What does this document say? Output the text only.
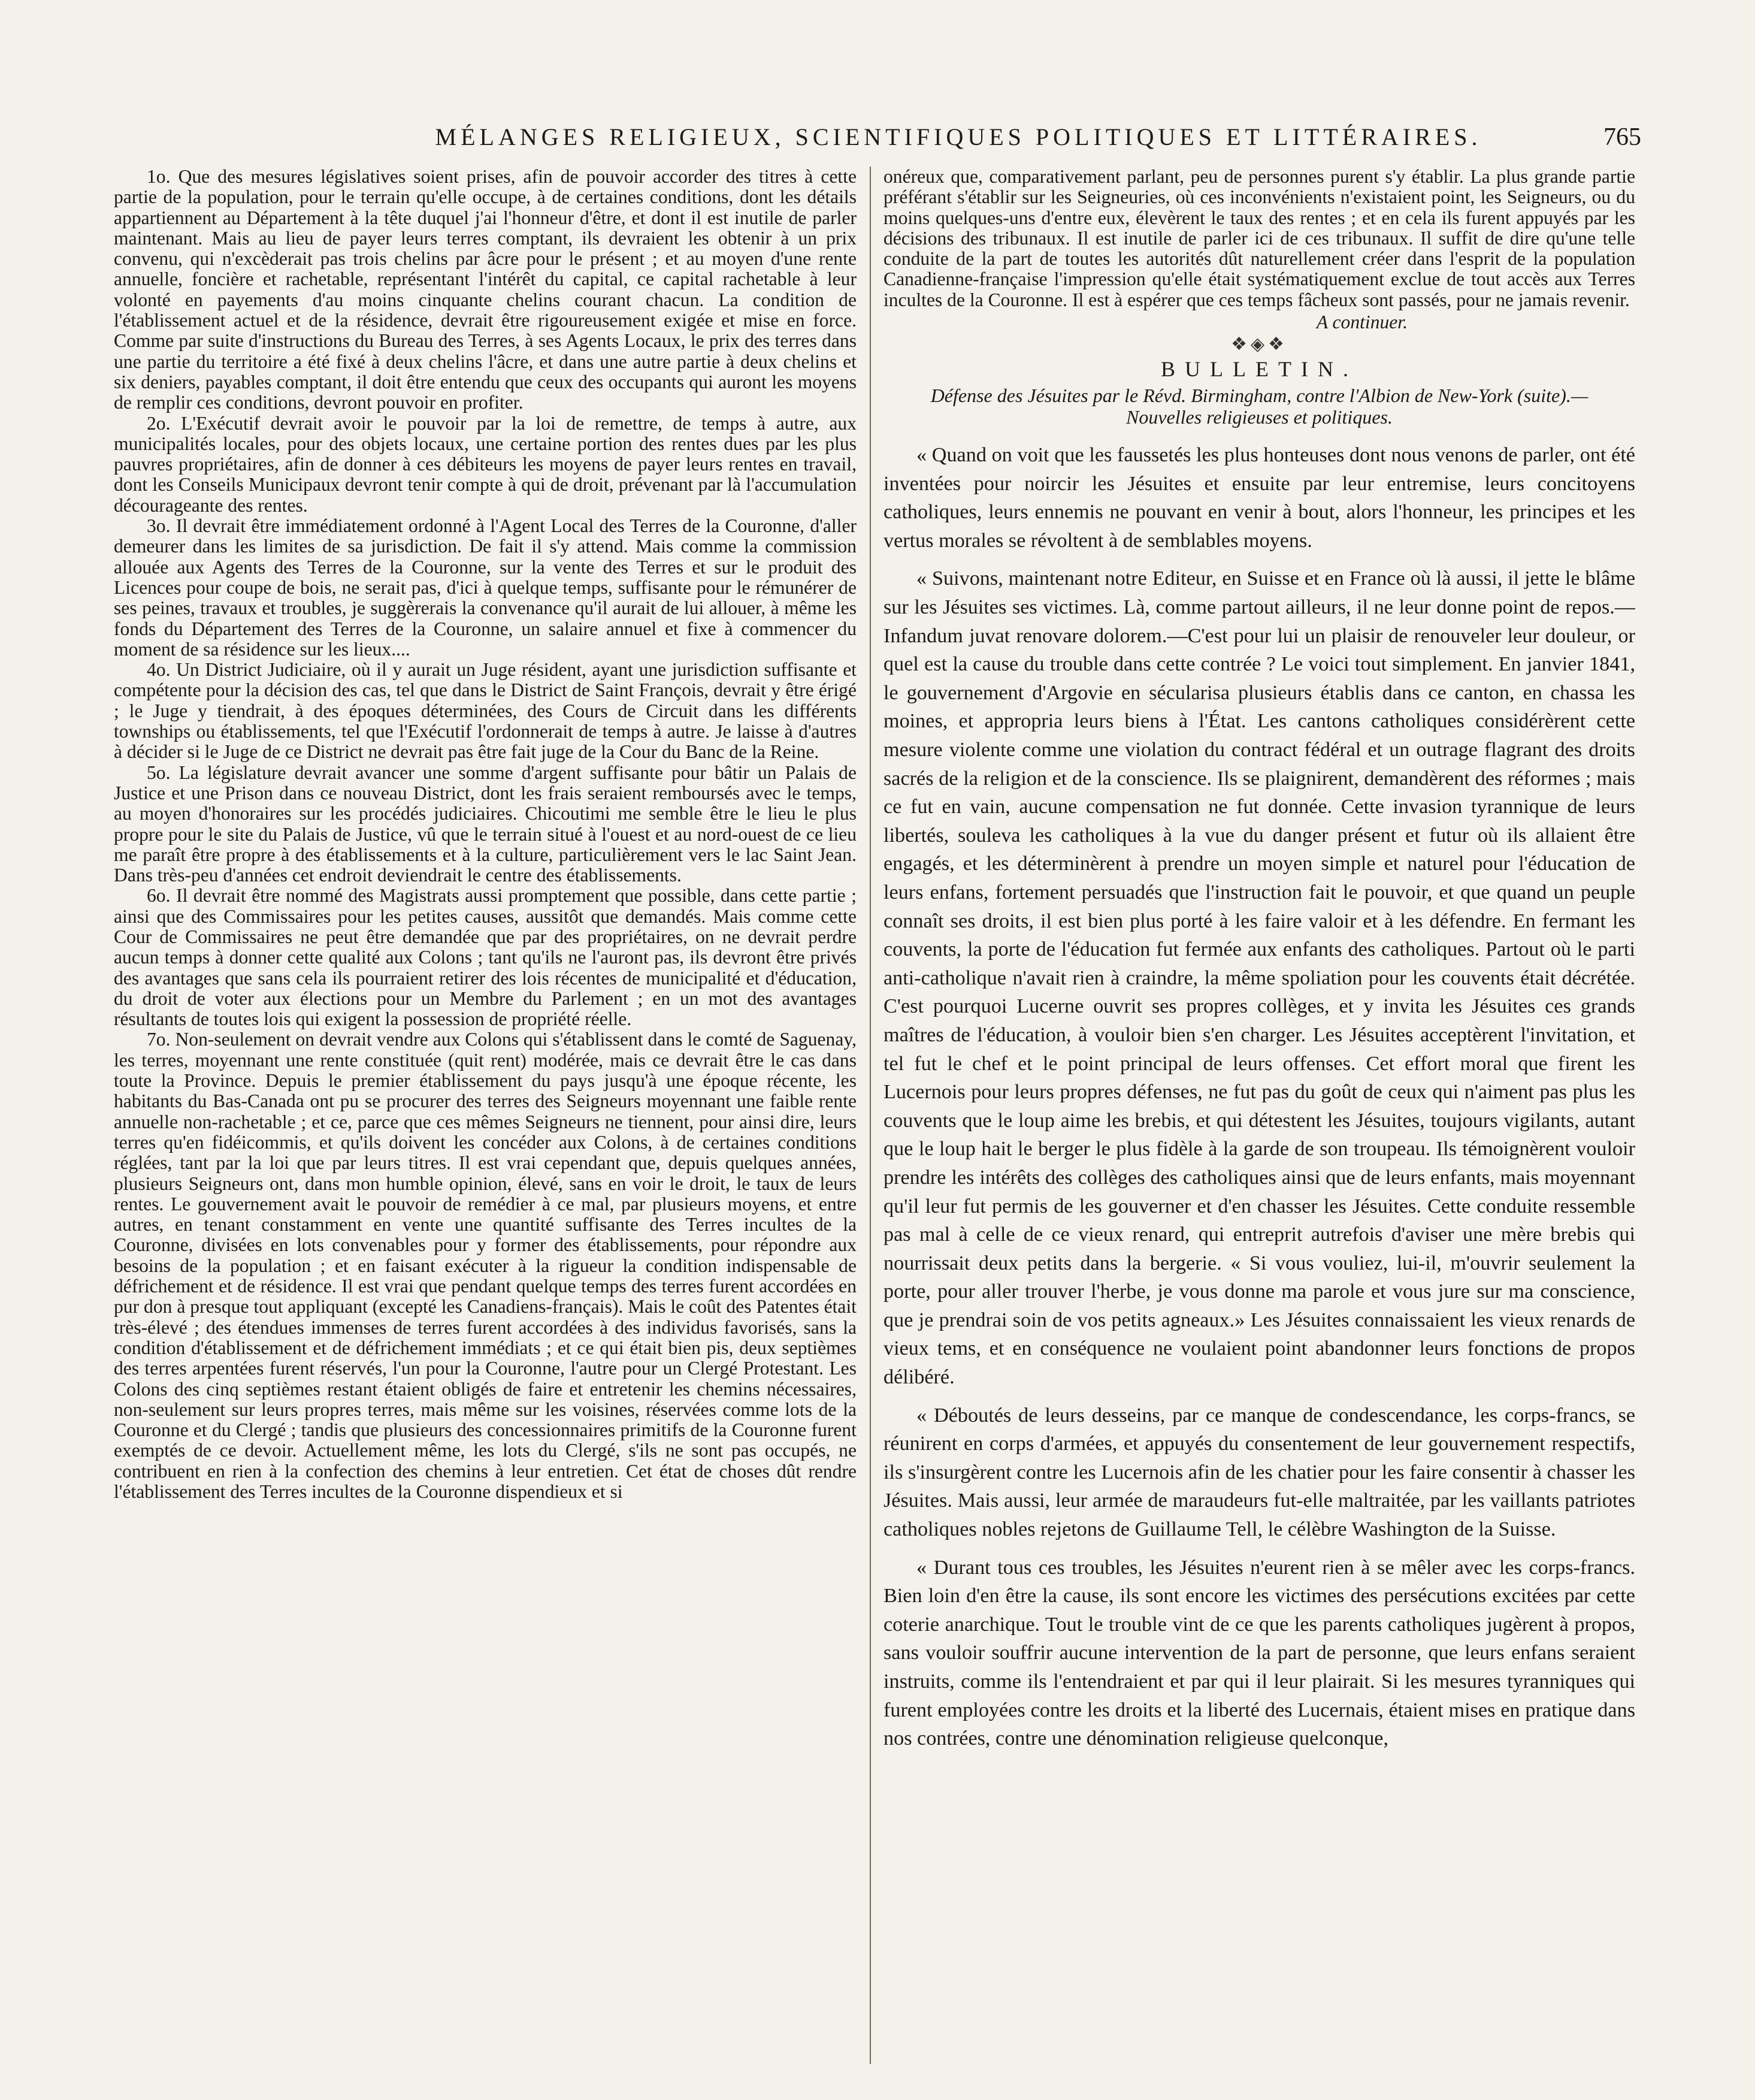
MÉLANGES RELIGIEUX, SCIENTIFIQUES POLITIQUES ET LITTÉRAIRES.	765

1o. Que des mesures législatives soient prises, afin de pouvoir accorder des titres à cette partie de la population, pour le terrain qu'elle occupe, à de certaines conditions, dont les détails appartiennent au Département à la tête duquel j'ai l'honneur d'être, et dont il est inutile de parler maintenant. Mais au lieu de payer leurs terres comptant, ils devraient les obtenir à un prix convenu, qui n'excèderait pas trois chelins par âcre pour le présent ; et au moyen d'une rente annuelle, foncière et rachetable, représentant l'intérêt du capital, ce capital rachetable à leur volonté en payements d'au moins cinquante chelins courant chacun. La condition de l'établissement actuel et de la résidence, devrait être rigoureusement exigée et mise en force. Comme par suite d'instructions du Bureau des Terres, à ses Agents Locaux, le prix des terres dans une partie du territoire a été fixé à deux chelins l'âcre, et dans une autre partie à deux chelins et six deniers, payables comptant, il doit être entendu que ceux des occupants qui auront les moyens de remplir ces conditions, devront pouvoir en profiter.

2o. L'Exécutif devrait avoir le pouvoir par la loi de remettre, de temps à autre, aux municipalités locales, pour des objets locaux, une certaine portion des rentes dues par les plus pauvres propriétaires, afin de donner à ces débiteurs les moyens de payer leurs rentes en travail, dont les Conseils Municipaux devront tenir compte à qui de droit, prévenant par là l'accumulation décourageante des rentes.

3o. Il devrait être immédiatement ordonné à l'Agent Local des Terres de la Couronne, d'aller demeurer dans les limites de sa jurisdiction. De fait il s'y attend. Mais comme la commission allouée aux Agents des Terres de la Couronne, sur la vente des Terres et sur le produit des Licences pour coupe de bois, ne serait pas, d'ici à quelque temps, suffisante pour le rémunérer de ses peines, travaux et troubles, je suggèrerais la convenance qu'il aurait de lui allouer, à même les fonds du Département des Terres de la Couronne, un salaire annuel et fixe à commencer du moment de sa résidence sur les lieux....

4o. Un District Judiciaire, où il y aurait un Juge résident, ayant une jurisdiction suffisante et compétente pour la décision des cas, tel que dans le District de Saint François, devrait y être érigé ; le Juge y tiendrait, à des époques déterminées, des Cours de Circuit dans les différents townships ou établissements, tel que l'Exécutif l'ordonnerait de temps à autre. Je laisse à d'autres à décider si le Juge de ce District ne devrait pas être fait juge de la Cour du Banc de la Reine.

5o. La législature devrait avancer une somme d'argent suffisante pour bâtir un Palais de Justice et une Prison dans ce nouveau District, dont les frais seraient remboursés avec le temps, au moyen d'honoraires sur les procédés judiciaires. Chicoutimi me semble être le lieu le plus propre pour le site du Palais de Justice, vû que le terrain situé à l'ouest et au nord-ouest de ce lieu me paraît être propre à des établissements et à la culture, particulièrement vers le lac Saint Jean. Dans très-peu d'années cet endroit deviendrait le centre des établissements.

6o. Il devrait être nommé des Magistrats aussi promptement que possible, dans cette partie ; ainsi que des Commissaires pour les petites causes, aussitôt que demandés. Mais comme cette Cour de Commissaires ne peut être demandée que par des propriétaires, on ne devrait perdre aucun temps à donner cette qualité aux Colons ; tant qu'ils ne l'auront pas, ils devront être privés des avantages que sans cela ils pourraient retirer des lois récentes de municipalité et d'éducation, du droit de voter aux élections pour un Membre du Parlement ; en un mot des avantages résultants de toutes lois qui exigent la possession de propriété réelle.

7o. Non-seulement on devrait vendre aux Colons qui s'établissent dans le comté de Saguenay, les terres, moyennant une rente constituée (quit rent) modérée, mais ce devrait être le cas dans toute la Province. Depuis le premier établissement du pays jusqu'à une époque récente, les habitants du Bas-Canada ont pu se procurer des terres des Seigneurs moyennant une faible rente annuelle non-rachetable ; et ce, parce que ces mêmes Seigneurs ne tiennent, pour ainsi dire, leurs terres qu'en fidéicommis, et qu'ils doivent les concéder aux Colons, à de certaines conditions réglées, tant par la loi que par leurs titres. Il est vrai cependant que, depuis quelques années, plusieurs Seigneurs ont, dans mon humble opinion, élevé, sans en voir le droit, le taux de leurs rentes. Le gouvernement avait le pouvoir de remédier à ce mal, par plusieurs moyens, et entre autres, en tenant constamment en vente une quantité suffisante des Terres incultes de la Couronne, divisées en lots convenables pour y former des établissements, pour répondre aux besoins de la population ; et en faisant exécuter à la rigueur la condition indispensable de défrichement et de résidence. Il est vrai que pendant quelque temps des terres furent accordées en pur don à presque tout appliquant (excepté les Canadiens-français). Mais le coût des Patentes était très-élevé ; des étendues immenses de terres furent accordées à des individus favorisés, sans la condition d'établissement et de défrichement immédiats ; et ce qui était bien pis, deux septièmes des terres arpentées furent réservés, l'un pour la Couronne, l'autre pour un Clergé Protestant. Les Colons des cinq septièmes restant étaient obligés de faire et entretenir les chemins nécessaires, non-seulement sur leurs propres terres, mais même sur les voisines, réservées comme lots de la Couronne et du Clergé ; tandis que plusieurs des concessionnaires primitifs de la Couronne furent exemptés de ce devoir. Actuellement même, les lots du Clergé, s'ils ne sont pas occupés, ne contribuent en rien à la confection des chemins à leur entretien. Cet état de choses dût rendre l'établissement des Terres incultes de la Couronne dispendieux et si

onéreux que, comparativement parlant, peu de personnes purent s'y établir. La plus grande partie préférant s'établir sur les Seigneuries, où ces inconvénients n'existaient point, les Seigneurs, ou du moins quelques-uns d'entre eux, élevèrent le taux des rentes ; et en cela ils furent appuyés par les décisions des tribunaux. Il est inutile de parler ici de ces tribunaux. Il suffit de dire qu'une telle conduite de la part de toutes les autorités dût naturellement créer dans l'esprit de la population Canadienne-française l'impression qu'elle était systématiquement exclue de tout accès aux Terres incultes de la Couronne. Il est à espérer que ces temps fâcheux sont passés, pour ne jamais revenir.

A continuer.

❖◈❖
BULLETIN.
Défense des Jésuites par le Révd. Birmingham, contre l'Albion de New-York (suite).—Nouvelles religieuses et politiques.

« Quand on voit que les faussetés les plus honteuses dont nous venons de parler, ont été inventées pour noircir les Jésuites et ensuite par leur entremise, leurs concitoyens catholiques, leurs ennemis ne pouvant en venir à bout, alors l'honneur, les principes et les vertus morales se révoltent à de semblables moyens.

« Suivons, maintenant notre Editeur, en Suisse et en France où là aussi, il jette le blâme sur les Jésuites ses victimes. Là, comme partout ailleurs, il ne leur donne point de repos.—Infandum juvat renovare dolorem.—C'est pour lui un plaisir de renouveler leur douleur, or quel est la cause du trouble dans cette contrée ? Le voici tout simplement. En janvier 1841, le gouvernement d'Argovie en sécularisa plusieurs établis dans ce canton, en chassa les moines, et appropria leurs biens à l'État. Les cantons catholiques considérèrent cette mesure violente comme une violation du contract fédéral et un outrage flagrant des droits sacrés de la religion et de la conscience. Ils se plaignirent, demandèrent des réformes ; mais ce fut en vain, aucune compensation ne fut donnée. Cette invasion tyrannique de leurs libertés, souleva les catholiques à la vue du danger présent et futur où ils allaient être engagés, et les déterminèrent à prendre un moyen simple et naturel pour l'éducation de leurs enfans, fortement persuadés que l'instruction fait le pouvoir, et que quand un peuple connaît ses droits, il est bien plus porté à les faire valoir et à les défendre. En fermant les couvents, la porte de l'éducation fut fermée aux enfants des catholiques. Partout où le parti anti-catholique n'avait rien à craindre, la même spoliation pour les couvents était décrétée. C'est pourquoi Lucerne ouvrit ses propres collèges, et y invita les Jésuites ces grands maîtres de l'éducation, à vouloir bien s'en charger. Les Jésuites acceptèrent l'invitation, et tel fut le chef et le point principal de leurs offenses. Cet effort moral que firent les Lucernois pour leurs propres défenses, ne fut pas du goût de ceux qui n'aiment pas plus les couvents que le loup aime les brebis, et qui détestent les Jésuites, toujours vigilants, autant que le loup hait le berger le plus fidèle à la garde de son troupeau. Ils témoignèrent vouloir prendre les intérêts des collèges des catholiques ainsi que de leurs enfants, mais moyennant qu'il leur fut permis de les gouverner et d'en chasser les Jésuites. Cette conduite ressemble pas mal à celle de ce vieux renard, qui entreprit autrefois d'aviser une mère brebis qui nourrissait deux petits dans la bergerie. « Si vous vouliez, lui-il, m'ouvrir seulement la porte, pour aller trouver l'herbe, je vous donne ma parole et vous jure sur ma conscience, que je prendrai soin de vos petits agneaux.» Les Jésuites connaissaient les vieux renards de vieux tems, et en conséquence ne voulaient point abandonner leurs fonctions de propos délibéré.

« Déboutés de leurs desseins, par ce manque de condescendance, les corps-francs, se réunirent en corps d'armées, et appuyés du consentement de leur gouvernement respectifs, ils s'insurgèrent contre les Lucernois afin de les chatier pour les faire consentir à chasser les Jésuites. Mais aussi, leur armée de maraudeurs fut-elle maltraitée, par les vaillants patriotes catholiques nobles rejetons de Guillaume Tell, le célèbre Washington de la Suisse.

« Durant tous ces troubles, les Jésuites n'eurent rien à se mêler avec les corps-francs. Bien loin d'en être la cause, ils sont encore les victimes des persécutions excitées par cette coterie anarchique. Tout le trouble vint de ce que les parents catholiques jugèrent à propos, sans vouloir souffrir aucune intervention de la part de personne, que leurs enfans seraient instruits, comme ils l'entendraient et par qui il leur plairait. Si les mesures tyranniques qui furent employées contre les droits et la liberté des Lucernais, étaient mises en pratique dans nos contrées, contre une dénomination religieuse quelconque,
